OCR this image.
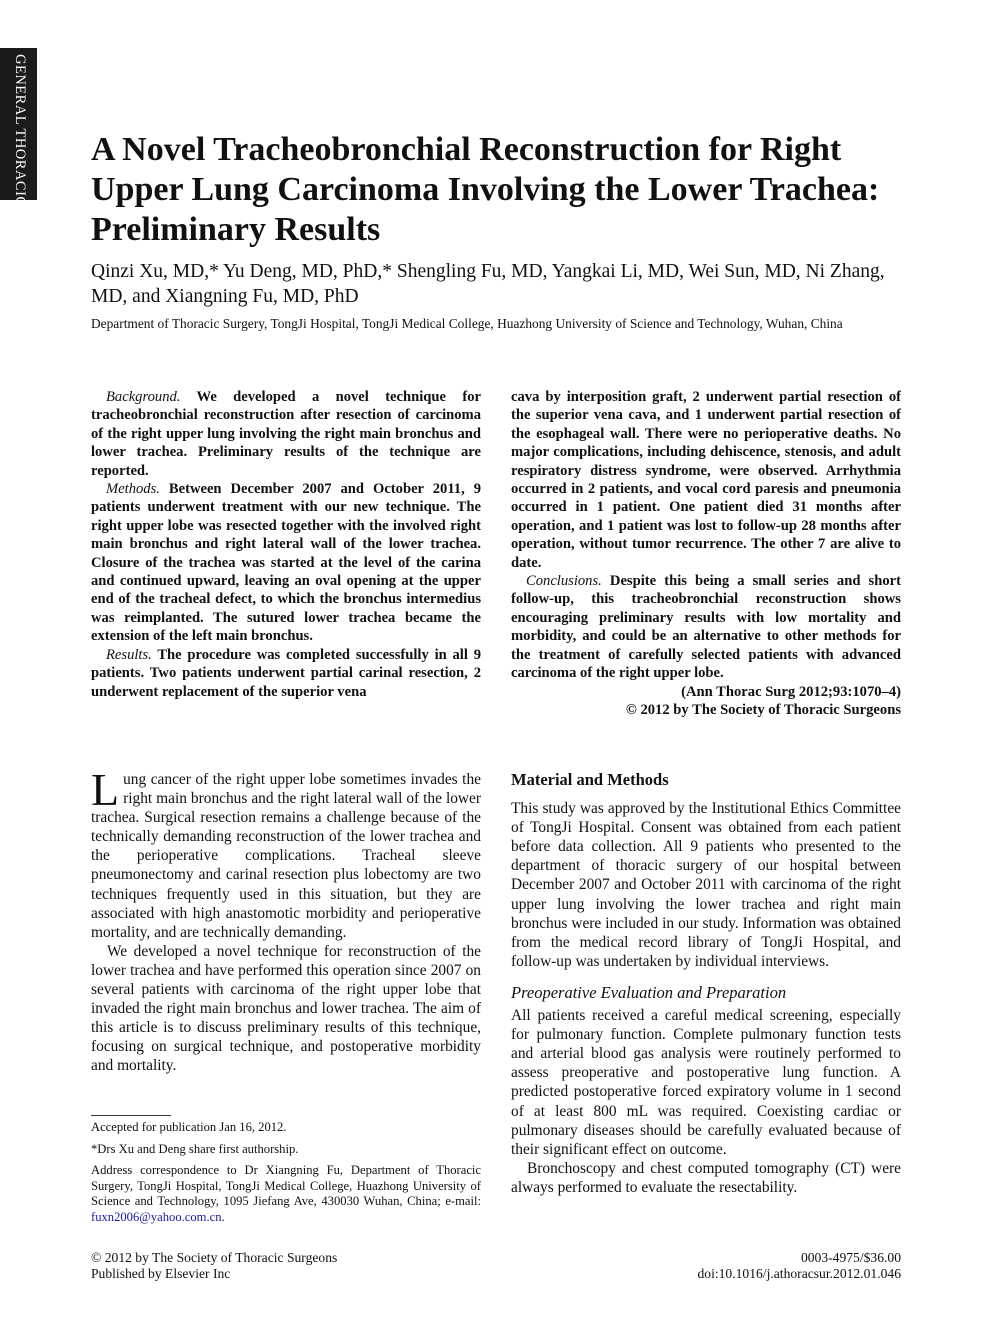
GENERAL THORACIC A Novel Tracheobronchial Reconstruction for Right Upper Lung Carcinoma Involving the Lower Trachea: Preliminary Results
Qinzi Xu, MD,* Yu Deng, MD, PhD,* Shengling Fu, MD, Yangkai Li, MD, Wei Sun, MD, Ni Zhang, MD, and Xiangning Fu, MD, PhD
Department of Thoracic Surgery, TongJi Hospital, TongJi Medical College, Huazhong University of Science and Technology, Wuhan, China

Background. We developed a novel technique for tracheobronchial reconstruction after resection of carcinoma of the right upper lung involving the right main bronchus and lower trachea. Preliminary results of the technique are reported.

Methods. Between December 2007 and October 2011, 9 patients underwent treatment with our new technique. The right upper lobe was resected together with the involved right main bronchus and right lateral wall of the lower trachea. Closure of the trachea was started at the level of the carina and continued upward, leaving an oval opening at the upper end of the tracheal defect, to which the bronchus intermedius was reimplanted. The sutured lower trachea became the extension of the left main bronchus.

Results. The procedure was completed successfully in all 9 patients. Two patients underwent partial carinal resection, 2 underwent replacement of the superior vena

cava by interposition graft, 2 underwent partial resection of the superior vena cava, and 1 underwent partial resection of the esophageal wall. There were no perioperative deaths. No major complications, including dehiscence, stenosis, and adult respiratory distress syndrome, were observed. Arrhythmia occurred in 2 patients, and vocal cord paresis and pneumonia occurred in 1 patient. One patient died 31 months after operation, and 1 patient was lost to follow-up 28 months after operation, without tumor recurrence. The other 7 are alive to date.

Conclusions. Despite this being a small series and short follow-up, this tracheobronchial reconstruction shows encouraging preliminary results with low mortality and morbidity, and could be an alternative to other methods for the treatment of carefully selected patients with advanced carcinoma of the right upper lobe.

(Ann Thorac Surg 2012;93:1070–4)
© 2012 by The Society of Thoracic Surgeons

Lung cancer of the right upper lobe sometimes invades the right main bronchus and the right lateral wall of the lower trachea. Surgical resection remains a challenge because of the technically demanding reconstruction of the lower trachea and the perioperative complications. Tracheal sleeve pneumonectomy and carinal resection plus lobectomy are two techniques frequently used in this situation, but they are associated with high anastomotic morbidity and perioperative mortality, and are technically demanding.

We developed a novel technique for reconstruction of the lower trachea and have performed this operation since 2007 on several patients with carcinoma of the right upper lobe that invaded the right main bronchus and lower trachea. The aim of this article is to discuss preliminary results of this technique, focusing on surgical technique, and postoperative morbidity and mortality.

Material and Methods

This study was approved by the Institutional Ethics Committee of TongJi Hospital. Consent was obtained from each patient before data collection. All 9 patients who presented to the department of thoracic surgery of our hospital between December 2007 and October 2011 with carcinoma of the right upper lung involving the lower trachea and right main bronchus were included in our study. Information was obtained from the medical record library of TongJi Hospital, and follow-up was undertaken by individual interviews.

Preoperative Evaluation and Preparation

All patients received a careful medical screening, especially for pulmonary function. Complete pulmonary function tests and arterial blood gas analysis were routinely performed to assess preoperative and postoperative lung function. A predicted postoperative forced expiratory volume in 1 second of at least 800 mL was required. Coexisting cardiac or pulmonary diseases should be carefully evaluated because of their significant effect on outcome.

Bronchoscopy and chest computed tomography (CT) were always performed to evaluate the resectability.

Accepted for publication Jan 16, 2012.
*Drs Xu and Deng share first authorship.
Address correspondence to Dr Xiangning Fu, Department of Thoracic Surgery, TongJi Hospital, TongJi Medical College, Huazhong University of Science and Technology, 1095 Jiefang Ave, 430030 Wuhan, China; e-mail: fuxn2006@yahoo.com.cn.
© 2012 by The Society of Thoracic Surgeons
Published by Elsevier Inc
0003-4975/$36.00
doi:10.1016/j.athoracsur.2012.01.046
